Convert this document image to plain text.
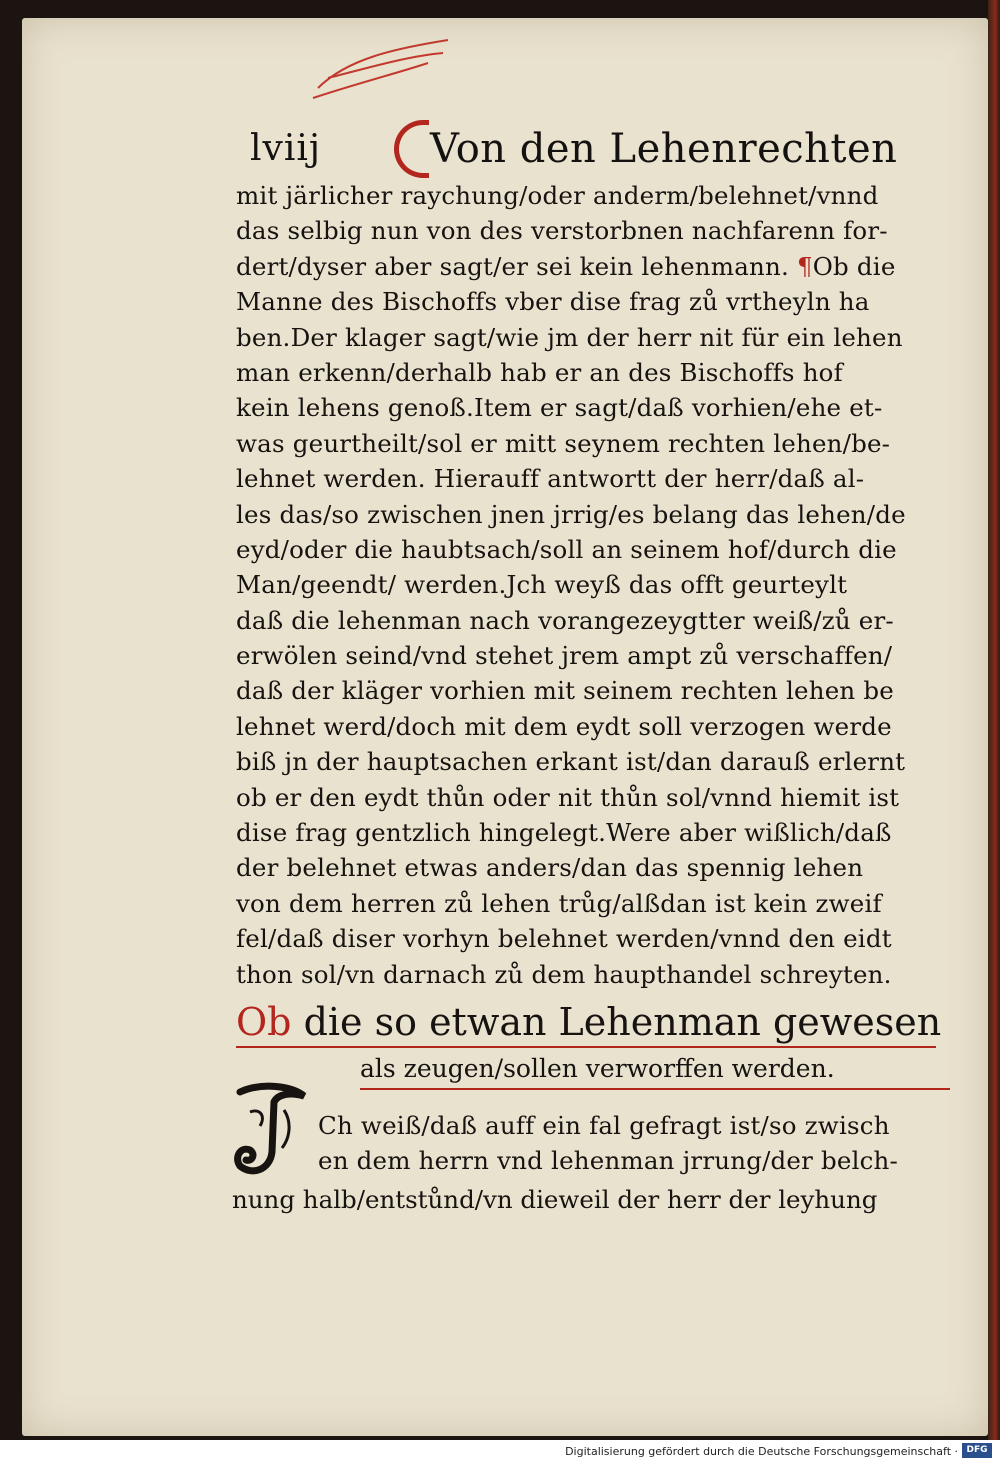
lviij	Von den Lehenrechten
mit järlicher raychung/oder anderm/belehnet/vnnd
das selbig nun von des verstorbnen nachfarenn for-
dert/dyser aber sagt/er sei kein lehenmann. ¶Ob die
Manne des Bischoffs vber dise frag zů vrtheyln ha
ben.Der klager sagt/wie jm der herr nit für ein lehen
man erkenn/derhalb hab er an des Bischoffs hof
kein lehens genoß.Item er sagt/daß vorhien/ehe et-
was geurtheilt/sol er mitt seynem rechten lehen/be-
lehnet werden. Hierauff antwortt der herr/daß al-
les das/so zwischen jnen jrrig/es belang das lehen/de
eyd/oder die haubtsach/soll an seinem hof/durch die
Man/geendt/ werden.Jch weyß das offt geurteylt
daß die lehenman nach vorangezeygtter weiß/zů er-
erwölen seind/vnd stehet jrem ampt zů verschaffen/
daß der kläger vorhien mit seinem rechten lehen be
lehnet werd/doch mit dem eydt soll verzogen werde
biß jn der hauptsachen erkant ist/dan darauß erlernt
ob er den eydt thůn oder nit thůn sol/vnnd hiemit ist
dise frag gentzlich hingelegt.Were aber wißlich/daß
der belehnet etwas anders/dan das spennig lehen
von dem herren zů lehen trůg/alßdan ist kein zweif
fel/daß diser vorhyn belehnet werden/vnnd den eidt
thon sol/vn darnach zů dem haupthandel schreyten.
Ob die so etwan Lehenman gewesen
als zeugen/sollen verworffen werden.
Ch weiß/daß auff ein fal gefragt ist/so zwisch
en dem herrn vnd lehenman jrrung/der belch-
nung halb/entstůnd/vn dieweil der herr der leyhung
Digitalisierung gefördert durch die Deutsche Forschungsgemeinschaft · DFG
